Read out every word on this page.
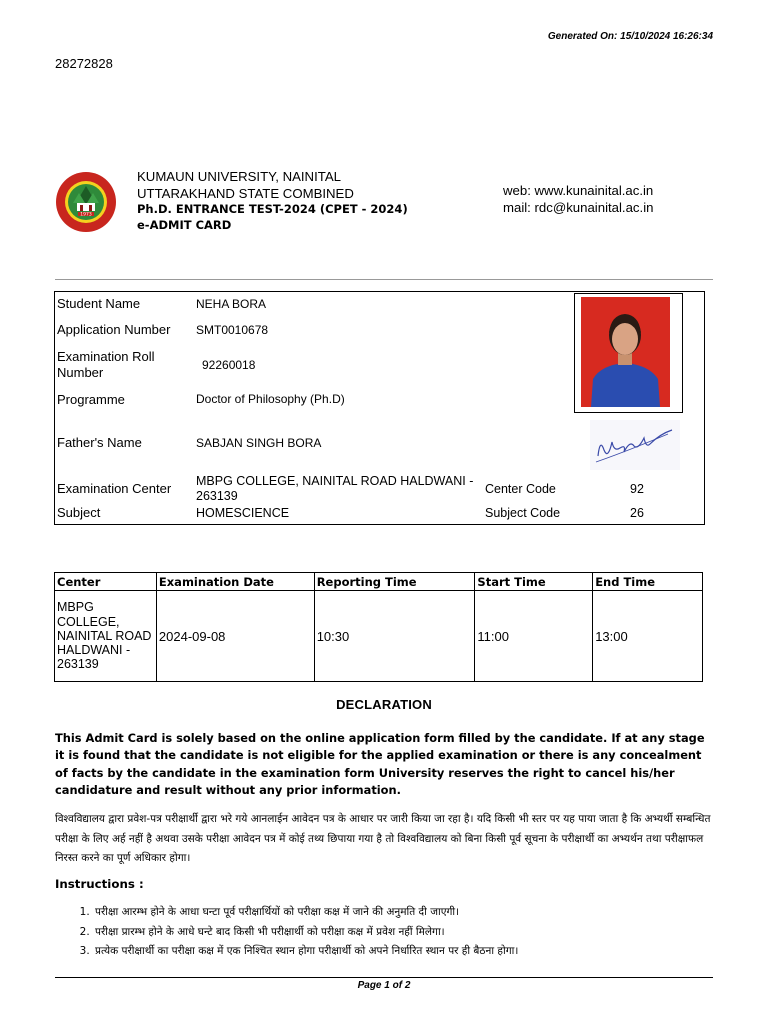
Generated On: 15/10/2024 16:26:34
28272828
1973
KUMAUN UNIVERSITY, NAINITAL
UTTARAKHAND STATE COMBINED
Ph.D. ENTRANCE TEST-2024 (CPET - 2024)
e-ADMIT CARD
web: www.kunainital.ac.in
mail: rdc@kunainital.ac.in
Student Name	NEHA BORA
Application Number SMT0010678
Examination Roll Number	92260018
Programme	Doctor of Philosophy (Ph.D)
Father's Name	SABJAN SINGH BORA
Examination Center MBPG COLLEGE, NAINITAL ROAD HALDWANI - 263139	Center Code	92
Subject	HOMESCIENCE	Subject Code	26
Center	Examination Date	Reporting Time	Start Time	End Time
MBPG COLLEGE, NAINITAL ROAD HALDWANI - 263139	2024-09-08	10:30	11:00	13:00
DECLARATION
This Admit Card is solely based on the online application form filled by the candidate. If at any stage it is found that the candidate is not eligible for the applied examination or there is any concealment of facts by the candidate in the examination form University reserves the right to cancel his/her candidature and result without any prior information.
विश्वविद्यालय द्वारा प्रवेश-पत्र परीक्षार्थी द्वारा भरे गये आनलाईन आवेदन पत्र के आधार पर जारी किया जा रहा है। यदि किसी भी स्तर पर यह पाया जाता है कि अभ्यर्थी सम्बन्धित परीक्षा के लिए अर्ह नहीं है अथवा उसके परीक्षा आवेदन पत्र में कोई तथ्य छिपाया गया है तो विश्वविद्यालय को बिना किसी पूर्व सूचना के परीक्षार्थी का अभ्यर्थन तथा परीक्षाफल निरस्त करने का पूर्ण अधिकार होगा।
Instructions :
1. परीक्षा आरम्भ होने के आधा घन्टा पूर्व परीक्षार्थियों को परीक्षा कक्ष में जाने की अनुमति दी जाएगी।
2. परीक्षा प्रारम्भ होने के आधे घन्टे बाद किसी भी परीक्षार्थी को परीक्षा कक्ष में प्रवेश नहीं मिलेगा।
3. प्रत्येक परीक्षार्थी का परीक्षा कक्ष में एक निश्चित स्थान होगा परीक्षार्थी को अपने निर्धारित स्थान पर ही बैठना होगा।
Page 1 of 2
